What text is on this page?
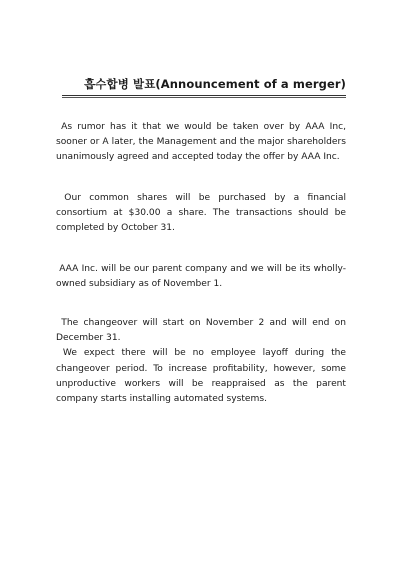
흡수합병 발표(Announcement of a merger)

As rumor has it that we would be taken over by AAA Inc, sooner or A later, the Management and the major shareholders unanimously agreed and accepted today the offer by AAA Inc.

Our common shares will be purchased by a financial consortium at $30.00 a share. The transactions should be completed by October 31.

AAA Inc. will be our parent company and we will be its wholly-owned subsidiary as of November 1.

The changeover will start on November 2 and will end on December 31.
We expect there will be no employee layoff during the changeover period. To increase profitability, however, some unproductive workers will be reappraised as the parent company starts installing automated systems.
